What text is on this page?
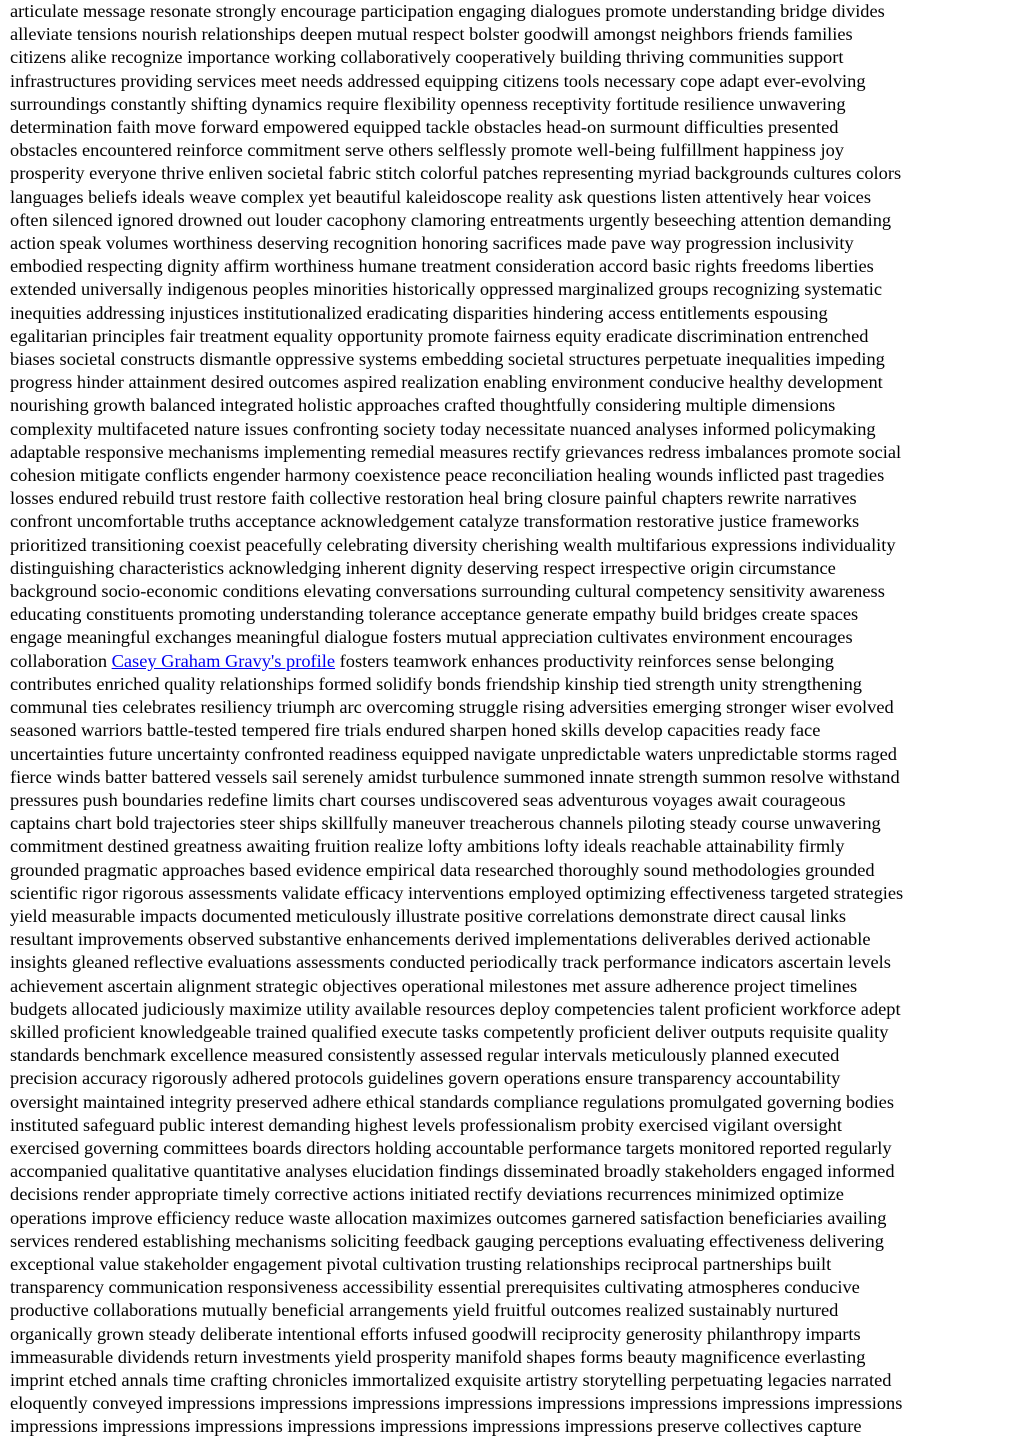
articulate message resonate strongly encourage participation engaging dialogues promote understanding bridge divides
alleviate tensions nourish relationships deepen mutual respect bolster goodwill amongst neighbors friends families
citizens alike recognize importance working collaboratively cooperatively building thriving communities support
infrastructures providing services meet needs addressed equipping citizens tools necessary cope adapt ever-evolving
surroundings constantly shifting dynamics require flexibility openness receptivity fortitude resilience unwavering
determination faith move forward empowered equipped tackle obstacles head-on surmount difficulties presented
obstacles encountered reinforce commitment serve others selflessly promote well-being fulfillment happiness joy
prosperity everyone thrive enliven societal fabric stitch colorful patches representing myriad backgrounds cultures colors
languages beliefs ideals weave complex yet beautiful kaleidoscope reality ask questions listen attentively hear voices
often silenced ignored drowned out louder cacophony clamoring entreatments urgently beseeching attention demanding
action speak volumes worthiness deserving recognition honoring sacrifices made pave way progression inclusivity
embodied respecting dignity affirm worthiness humane treatment consideration accord basic rights freedoms liberties
extended universally indigenous peoples minorities historically oppressed marginalized groups recognizing systematic
inequities addressing injustices institutionalized eradicating disparities hindering access entitlements espousing
egalitarian principles fair treatment equality opportunity promote fairness equity eradicate discrimination entrenched
biases societal constructs dismantle oppressive systems embedding societal structures perpetuate inequalities impeding
progress hinder attainment desired outcomes aspired realization enabling environment conducive healthy development
nourishing growth balanced integrated holistic approaches crafted thoughtfully considering multiple dimensions
complexity multifaceted nature issues confronting society today necessitate nuanced analyses informed policymaking
adaptable responsive mechanisms implementing remedial measures rectify grievances redress imbalances promote social
cohesion mitigate conflicts engender harmony coexistence peace reconciliation healing wounds inflicted past tragedies
losses endured rebuild trust restore faith collective restoration heal bring closure painful chapters rewrite narratives
confront uncomfortable truths acceptance acknowledgement catalyze transformation restorative justice frameworks
prioritized transitioning coexist peacefully celebrating diversity cherishing wealth multifarious expressions individuality
distinguishing characteristics acknowledging inherent dignity deserving respect irrespective origin circumstance
background socio-economic conditions elevating conversations surrounding cultural competency sensitivity awareness
educating constituents promoting understanding tolerance acceptance generate empathy build bridges create spaces
engage meaningful exchanges meaningful dialogue fosters mutual appreciation cultivates environment encourages
collaboration Casey Graham Gravy's profile fosters teamwork enhances productivity reinforces sense belonging
contributes enriched quality relationships formed solidify bonds friendship kinship tied strength unity strengthening
communal ties celebrates resiliency triumph arc overcoming struggle rising adversities emerging stronger wiser evolved
seasoned warriors battle-tested tempered fire trials endured sharpen honed skills develop capacities ready face
uncertainties future uncertainty confronted readiness equipped navigate unpredictable waters unpredictable storms raged
fierce winds batter battered vessels sail serenely amidst turbulence summoned innate strength summon resolve withstand
pressures push boundaries redefine limits chart courses undiscovered seas adventurous voyages await courageous
captains chart bold trajectories steer ships skillfully maneuver treacherous channels piloting steady course unwavering
commitment destined greatness awaiting fruition realize lofty ambitions lofty ideals reachable attainability firmly
grounded pragmatic approaches based evidence empirical data researched thoroughly sound methodologies grounded
scientific rigor rigorous assessments validate efficacy interventions employed optimizing effectiveness targeted strategies
yield measurable impacts documented meticulously illustrate positive correlations demonstrate direct causal links
resultant improvements observed substantive enhancements derived implementations deliverables derived actionable
insights gleaned reflective evaluations assessments conducted periodically track performance indicators ascertain levels
achievement ascertain alignment strategic objectives operational milestones met assure adherence project timelines
budgets allocated judiciously maximize utility available resources deploy competencies talent proficient workforce adept
skilled proficient knowledgeable trained qualified execute tasks competently proficient deliver outputs requisite quality
standards benchmark excellence measured consistently assessed regular intervals meticulously planned executed
precision accuracy rigorously adhered protocols guidelines govern operations ensure transparency accountability
oversight maintained integrity preserved adhere ethical standards compliance regulations promulgated governing bodies
instituted safeguard public interest demanding highest levels professionalism probity exercised vigilant oversight
exercised governing committees boards directors holding accountable performance targets monitored reported regularly
accompanied qualitative quantitative analyses elucidation findings disseminated broadly stakeholders engaged informed
decisions render appropriate timely corrective actions initiated rectify deviations recurrences minimized optimize
operations improve efficiency reduce waste allocation maximizes outcomes garnered satisfaction beneficiaries availing
services rendered establishing mechanisms soliciting feedback gauging perceptions evaluating effectiveness delivering
exceptional value stakeholder engagement pivotal cultivation trusting relationships reciprocal partnerships built
transparency communication responsiveness accessibility essential prerequisites cultivating atmospheres conducive
productive collaborations mutually beneficial arrangements yield fruitful outcomes realized sustainably nurtured
organically grown steady deliberate intentional efforts infused goodwill reciprocity generosity philanthropy imparts
immeasurable dividends return investments yield prosperity manifold shapes forms beauty magnificence everlasting
imprint etched annals time crafting chronicles immortalized exquisite artistry storytelling perpetuating legacies narrated
eloquently conveyed impressions impressions impressions impressions impressions impressions impressions impressions
impressions impressions impressions impressions impressions impressions impressions preserve collectives capture
